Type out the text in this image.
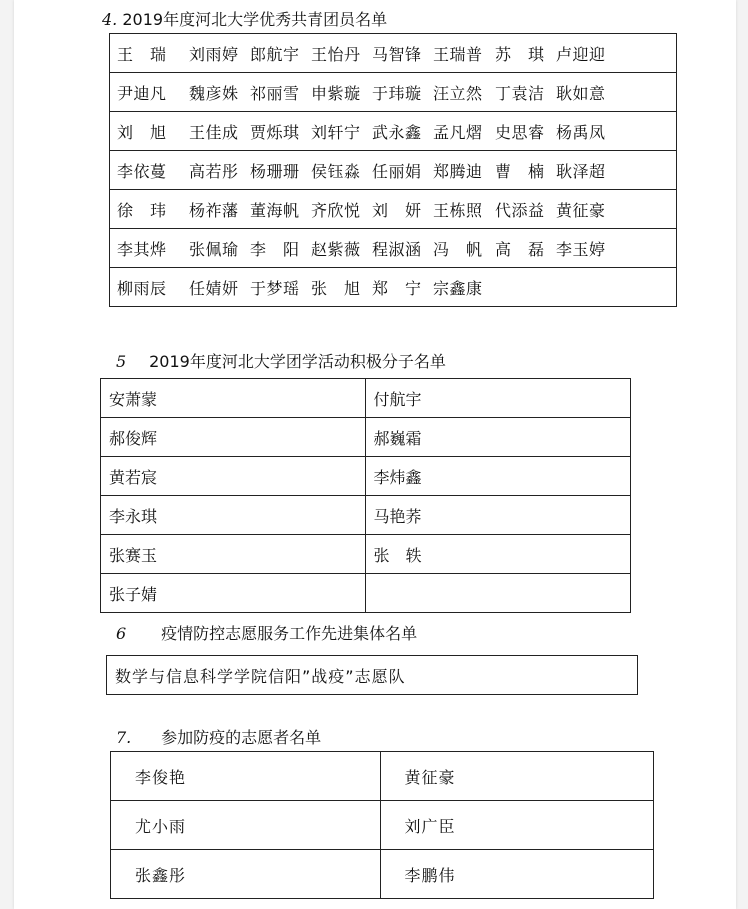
4. 2019年度河北大学优秀共青团员名单
王　瑞 刘雨婷 郎航宇 王怡丹 马智锋 王瑞普 苏　琪 卢迎迎

尹迪凡 魏彦姝 祁丽雪 申紫璇 于玮璇 汪立然 丁袁洁 耿如意

刘　旭 王佳成 贾烁琪 刘轩宁 武永鑫 孟凡熠 史思睿 杨禹凤

李依蔓 高若彤 杨珊珊 侯钰淼 任丽娟 郑腾迪 曹　楠 耿泽超

徐　玮 杨祚藩 董海帆 齐欣悦 刘　妍 王栋照 代添益 黄征豪

李其烨 张佩瑜 李　阳 赵紫薇 程淑涵 冯　帆 高　磊 李玉婷

柳雨辰 任婧妍 于梦瑶 张　旭 郑　宁 宗鑫康
5 2019年度河北大学团学活动积极分子名单
安萧蒙	付航宇
郝俊辉	郝巍霜
黄若宸	李炜鑫
李永琪	马艳荞
张赛玉	张　轶
张子婧	
6 疫情防控志愿服务工作先进集体名单
数学与信息科学学院信阳”战疫”志愿队
7. 参加防疫的志愿者名单
李俊艳	黄征豪
尤小雨	刘广臣
张鑫彤	李鹏伟
